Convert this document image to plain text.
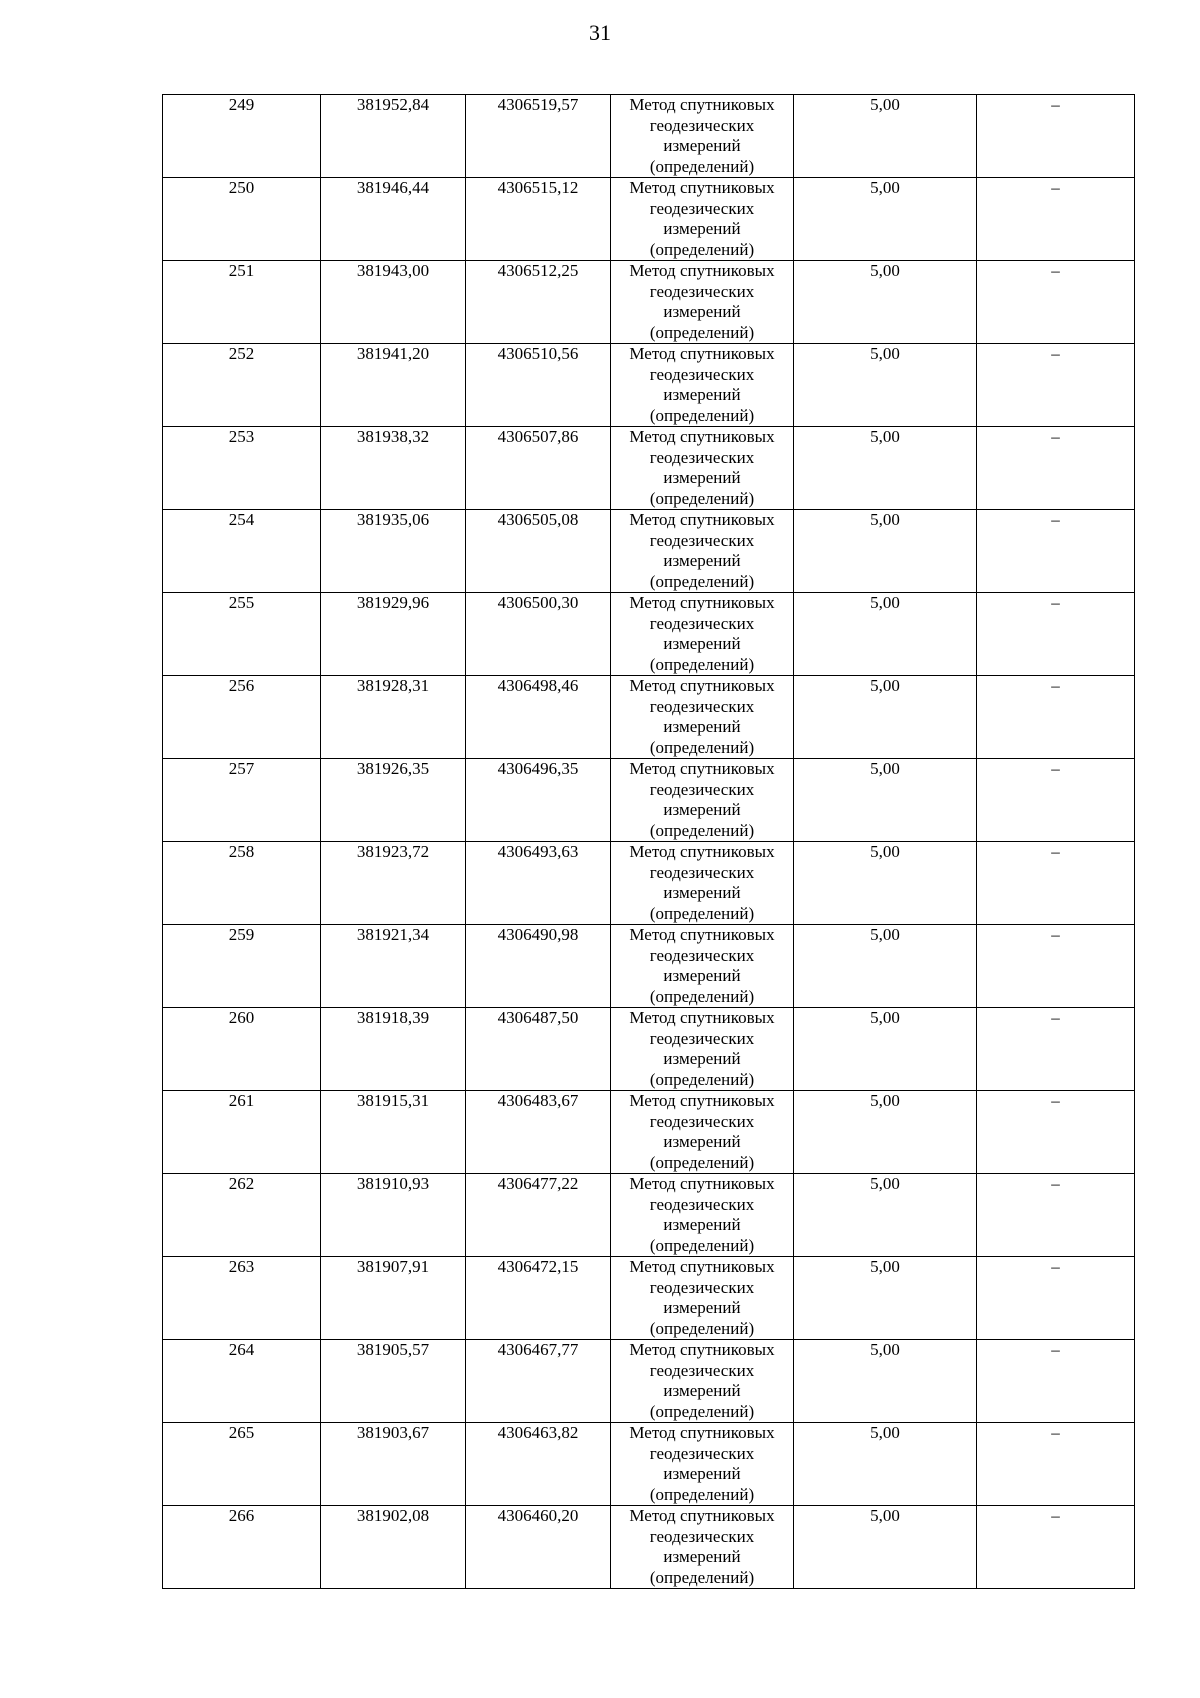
31
249	381952,84	4306519,57	Метод спутниковых геодезических измерений (определений)	5,00	–
250	381946,44	4306515,12	Метод спутниковых геодезических измерений (определений)	5,00	–
251	381943,00	4306512,25	Метод спутниковых геодезических измерений (определений)	5,00	–
252	381941,20	4306510,56	Метод спутниковых геодезических измерений (определений)	5,00	–
253	381938,32	4306507,86	Метод спутниковых геодезических измерений (определений)	5,00	–
254	381935,06	4306505,08	Метод спутниковых геодезических измерений (определений)	5,00	–
255	381929,96	4306500,30	Метод спутниковых геодезических измерений (определений)	5,00	–
256	381928,31	4306498,46	Метод спутниковых геодезических измерений (определений)	5,00	–
257	381926,35	4306496,35	Метод спутниковых геодезических измерений (определений)	5,00	–
258	381923,72	4306493,63	Метод спутниковых геодезических измерений (определений)	5,00	–
259	381921,34	4306490,98	Метод спутниковых геодезических измерений (определений)	5,00	–
260	381918,39	4306487,50	Метод спутниковых геодезических измерений (определений)	5,00	–
261	381915,31	4306483,67	Метод спутниковых геодезических измерений (определений)	5,00	–
262	381910,93	4306477,22	Метод спутниковых геодезических измерений (определений)	5,00	–
263	381907,91	4306472,15	Метод спутниковых геодезических измерений (определений)	5,00	–
264	381905,57	4306467,77	Метод спутниковых геодезических измерений (определений)	5,00	–
265	381903,67	4306463,82	Метод спутниковых геодезических измерений (определений)	5,00	–
266	381902,08	4306460,20	Метод спутниковых геодезических измерений (определений)	5,00	–
